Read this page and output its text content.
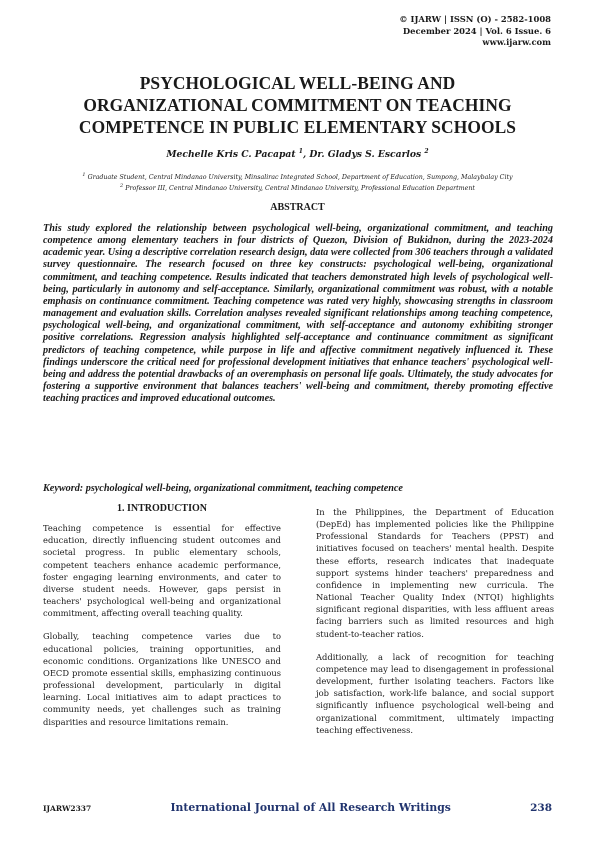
© IJARW | ISSN (O) - 2582-1008
December 2024 | Vol. 6 Issue. 6
www.ijarw.com
PSYCHOLOGICAL WELL-BEING AND ORGANIZATIONAL COMMITMENT ON TEACHING COMPETENCE IN PUBLIC ELEMENTARY SCHOOLS
Mechelle Kris C. Pacapat $^1$, Dr. Gladys S. Escarlos $^2$
$^1$ Graduate Student, Central Mindanao University, Minsalirac Integrated School, Department of Education, Sumpong, Malaybalay City
$^2$ Professor III, Central Mindanao University, Central Mindanao University, Professional Education Department
ABSTRACT

This study explored the relationship between psychological well-being, organizational commitment, and teaching competence among elementary teachers in four districts of Quezon, Division of Bukidnon, during the 2023-2024 academic year. Using a descriptive correlation research design, data were collected from 306 teachers through a validated survey questionnaire. The research focused on three key constructs: psychological well-being, organizational commitment, and teaching competence. Results indicated that teachers demonstrated high levels of psychological well-being, particularly in autonomy and self-acceptance. Similarly, organizational commitment was robust, with a notable emphasis on continuance commitment. Teaching competence was rated very highly, showcasing strengths in classroom management and evaluation skills. Correlation analyses revealed significant relationships among teaching competence, psychological well-being, and organizational commitment, with self-acceptance and autonomy exhibiting stronger positive correlations. Regression analysis highlighted self-acceptance and continuance commitment as significant predictors of teaching competence, while purpose in life and affective commitment negatively influenced it. These findings underscore the critical need for professional development initiatives that enhance teachers' psychological well-being and address the potential drawbacks of an overemphasis on personal life goals. Ultimately, the study advocates for fostering a supportive environment that balances teachers' well-being and commitment, thereby promoting effective teaching practices and improved educational outcomes.

Keyword: psychological well-being, organizational commitment, teaching competence
1. INTRODUCTION

Teaching competence is essential for effective education, directly influencing student outcomes and societal progress. In public elementary schools, competent teachers enhance academic performance, foster engaging learning environments, and cater to diverse student needs. However, gaps persist in teachers' psychological well-being and organizational commitment, affecting overall teaching quality.

Globally, teaching competence varies due to educational policies, training opportunities, and economic conditions. Organizations like UNESCO and OECD promote essential skills, emphasizing continuous professional development, particularly in digital learning. Local initiatives aim to adapt practices to community needs, yet challenges such as training disparities and resource limitations remain.

In the Philippines, the Department of Education (DepEd) has implemented policies like the Philippine Professional Standards for Teachers (PPST) and initiatives focused on teachers' mental health. Despite these efforts, research indicates that inadequate support systems hinder teachers' preparedness and confidence in implementing new curricula. The National Teacher Quality Index (NTQI) highlights significant regional disparities, with less affluent areas facing barriers such as limited resources and high student-to-teacher ratios.

Additionally, a lack of recognition for teaching competence may lead to disengagement in professional development, further isolating teachers. Factors like job satisfaction, work-life balance, and social support significantly influence psychological well-being and organizational commitment, ultimately impacting teaching effectiveness.

IJARW2337	International Journal of All Research Writings	238
